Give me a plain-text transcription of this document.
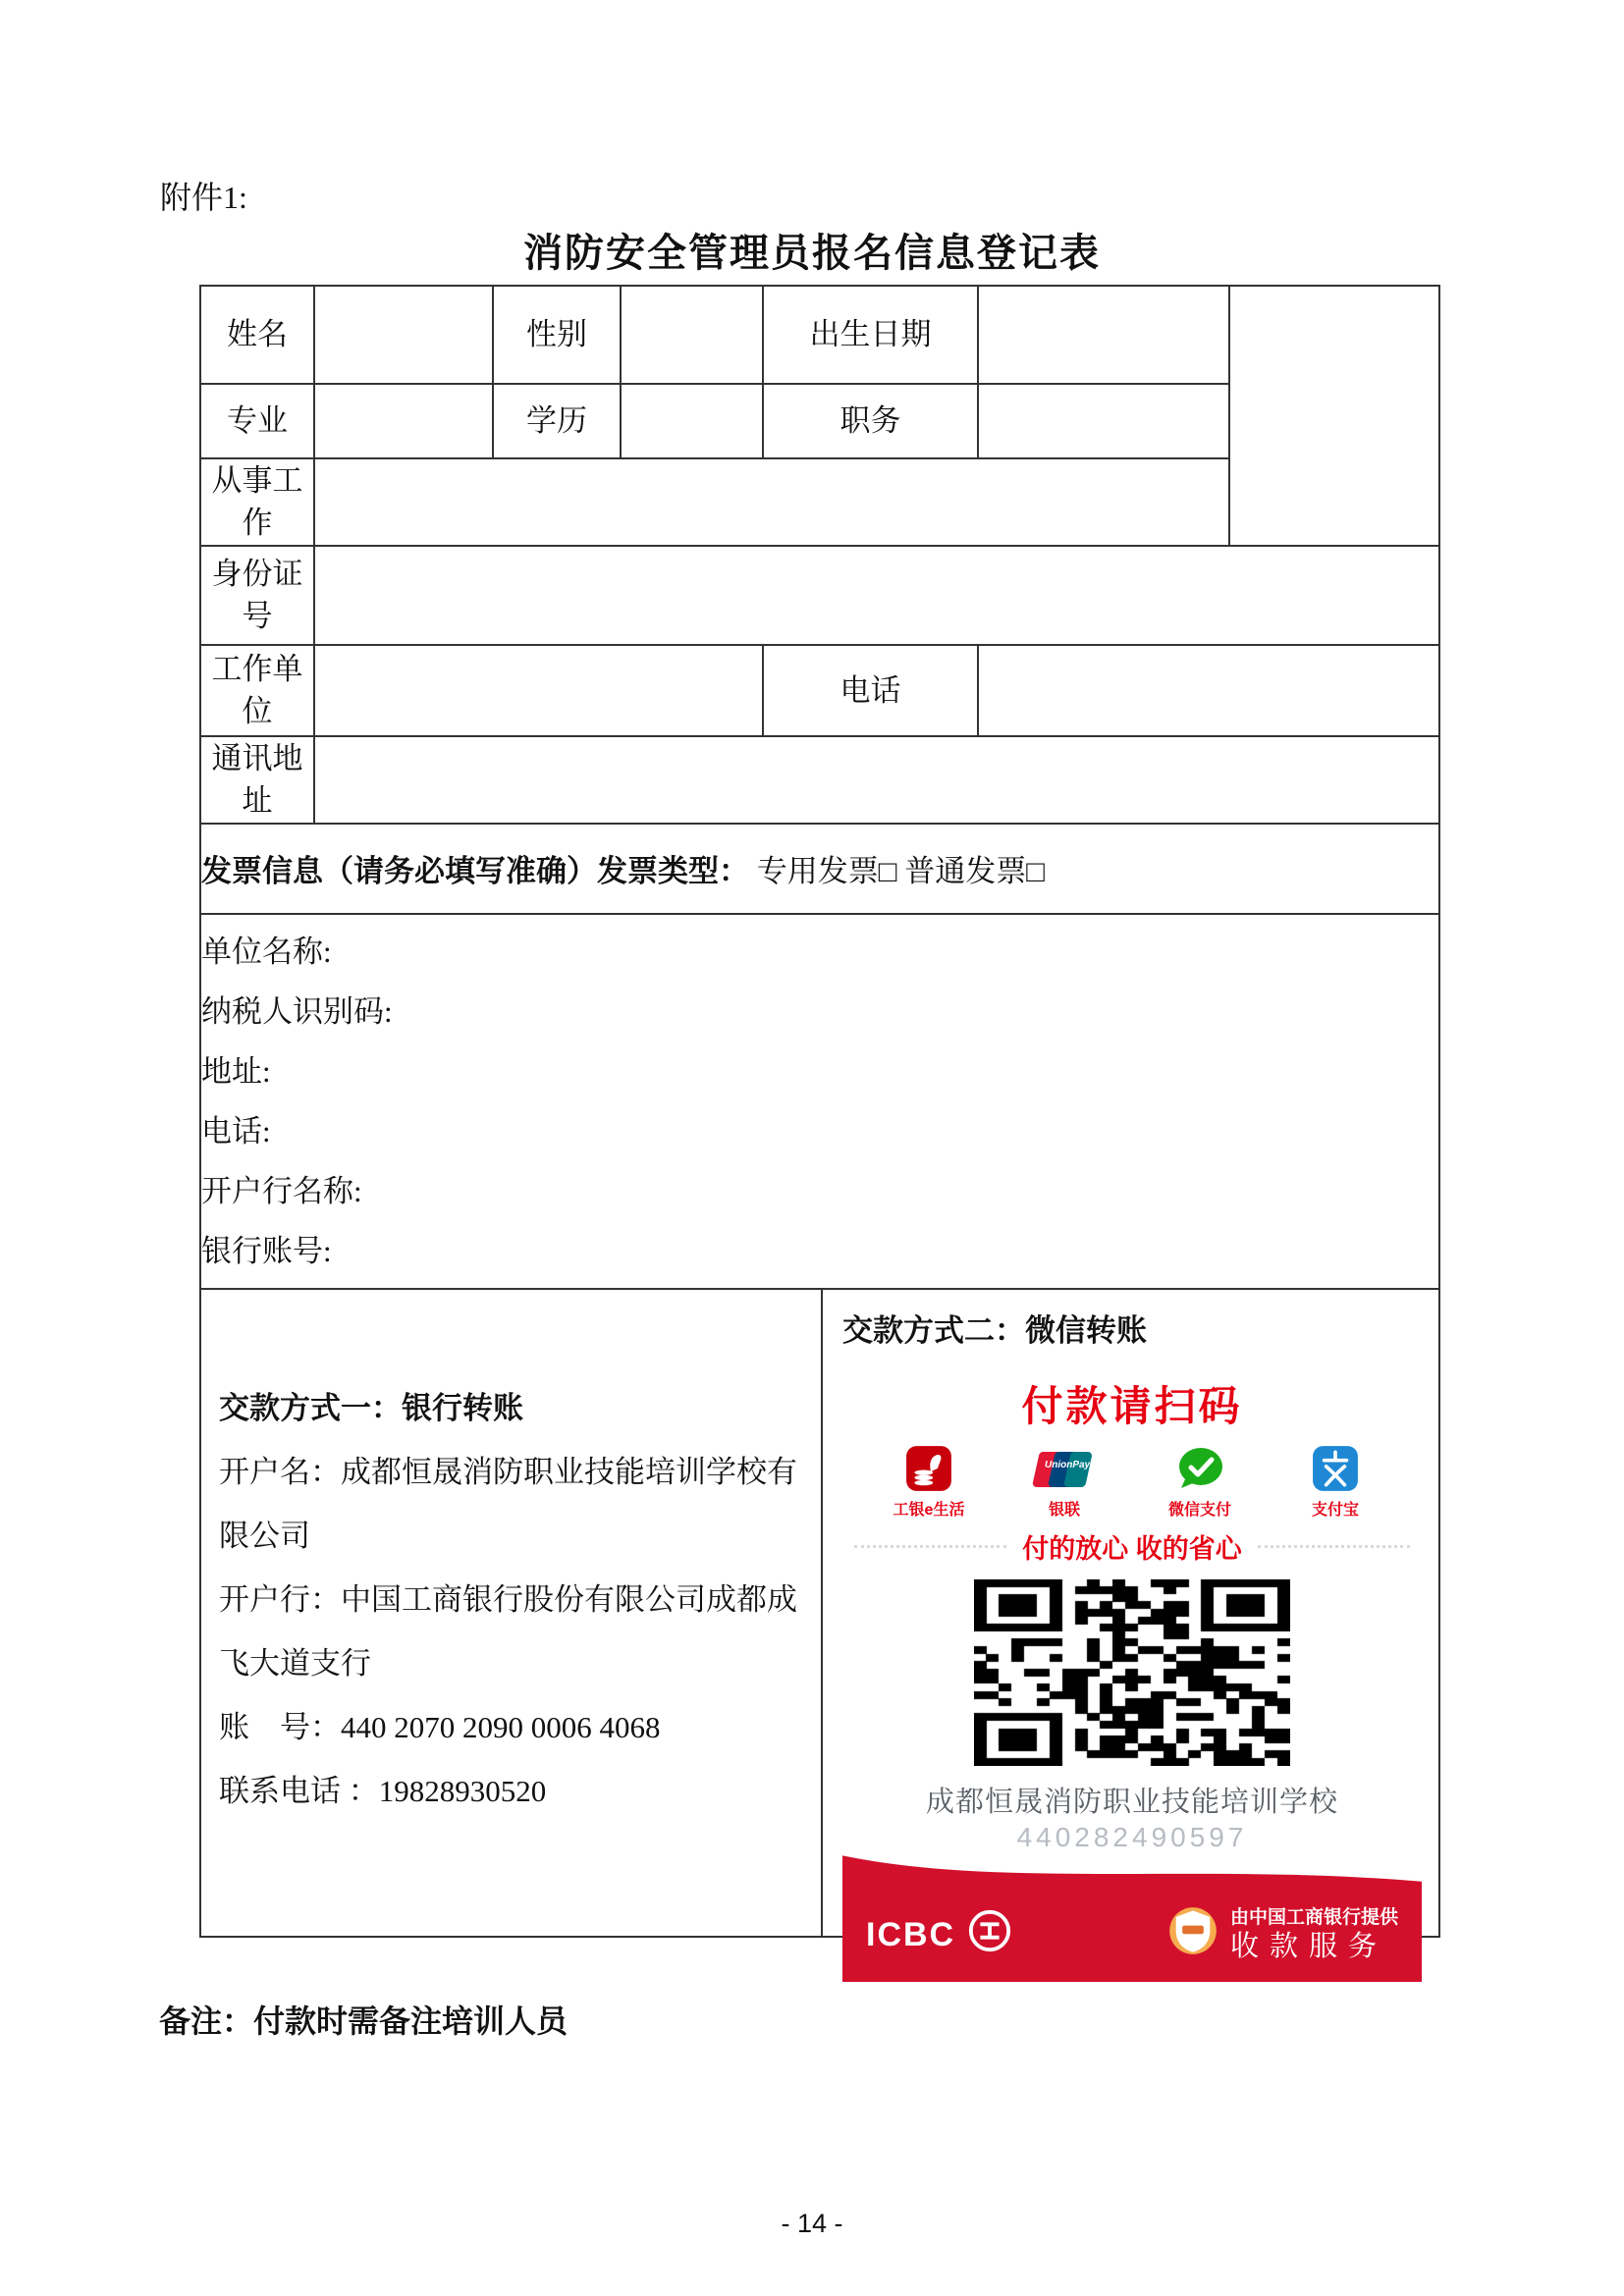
附件1:
消防安全管理员报名信息登记表
姓名		性别		出生日期		
专业		学历		职务		
从事工作						
身份证号						
工作单位				电话		
通讯地址						
发票信息（请务必填写准确）发票类型： 专用发票□ 普通发票□						

单位名称:
纳税人识别码:
地址:
电话:
开户行名称:
银行账号:

交款方式一：银行转账

开户名：成都恒晟消防职业技能培训学校有限公司

开户行：中国工商银行股份有限公司成都成飞大道支行

账　号：440 2070 2090 0006 4068

联系电话 ：19828930520

交款方式二：微信转账
付款请扫码
工银e生活
UnionPay
银联	微信支付	支付宝
付的放心 收的省心
成都恒晟消防职业技能培训学校
440282490597
ICBC	由中国工商银行提供
收款服务
备注：付款时需备注培训人员
- 14 -
